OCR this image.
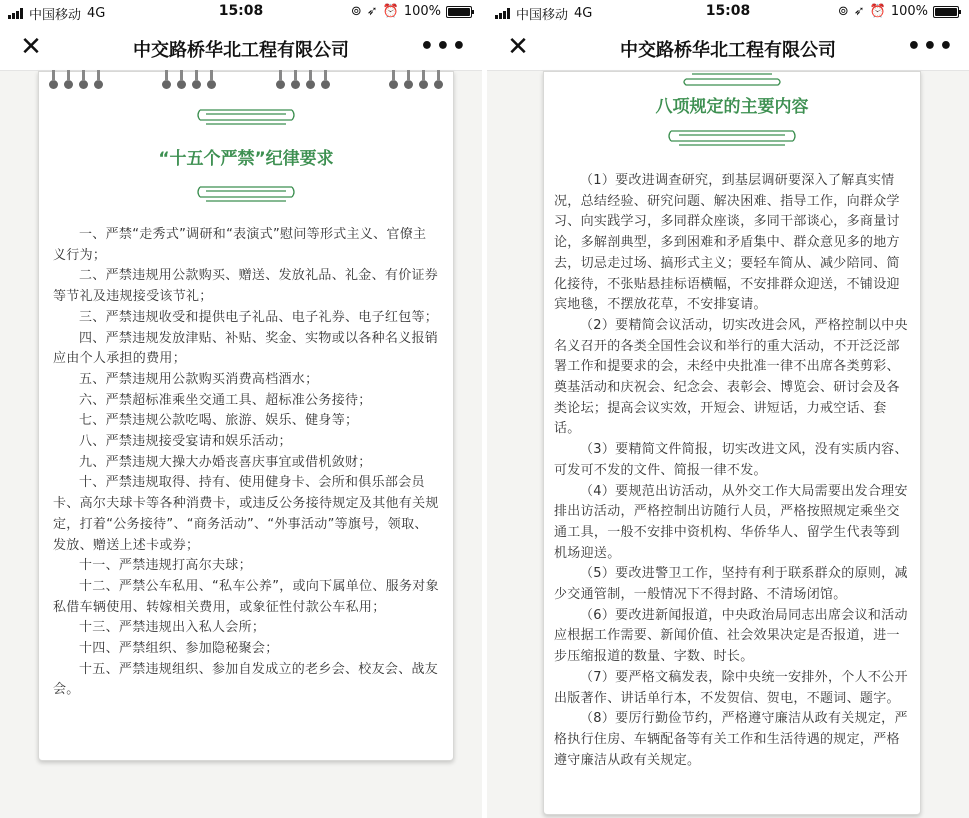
中国移动 4G	15:08	⊚ ➶ ⏰ 100%
✕	中交路桥华北工程有限公司	•••

“十五个严禁”纪律要求

一、严禁“走秀式”调研和“表演式”慰问等形式主义、官僚主义行为；

二、严禁违规用公款购买、赠送、发放礼品、礼金、有价证券等节礼及违规接受该节礼；

三、严禁违规收受和提供电子礼品、电子礼券、电子红包等；

四、严禁违规发放津贴、补贴、奖金、实物或以各种名义报销应由个人承担的费用；

五、严禁违规用公款购买消费高档酒水；

六、严禁超标准乘坐交通工具、超标准公务接待；

七、严禁违规公款吃喝、旅游、娱乐、健身等；

八、严禁违规接受宴请和娱乐活动；

九、严禁违规大操大办婚丧喜庆事宜或借机敛财；

十、严禁违规取得、持有、使用健身卡、会所和俱乐部会员卡、高尔夫球卡等各种消费卡，或违反公务接待规定及其他有关规定，打着“公务接待”、“商务活动”、“外事活动”等旗号，领取、发放、赠送上述卡或券；

十一、严禁违规打高尔夫球；

十二、严禁公车私用、“私车公养”，或向下属单位、服务对象私借车辆使用、转嫁相关费用，或象征性付款公车私用；

十三、严禁违规出入私人会所；

十四、严禁组织、参加隐秘聚会；

十五、严禁违规组织、参加自发成立的老乡会、校友会、战友会。

中国移动 4G	15:08	⊚ ➶ ⏰ 100%
✕	中交路桥华北工程有限公司	•••

八项规定的主要内容

（1）要改进调查研究，到基层调研要深入了解真实情况，总结经验、研究问题、解决困难、指导工作，向群众学习、向实践学习，多同群众座谈，多同干部谈心，多商量讨论，多解剖典型，多到困难和矛盾集中、群众意见多的地方去，切忌走过场、搞形式主义；要轻车简从、减少陪同、简化接待，不张贴悬挂标语横幅，不安排群众迎送，不铺设迎宾地毯，不摆放花草，不安排宴请。

（2）要精简会议活动，切实改进会风，严格控制以中央名义召开的各类全国性会议和举行的重大活动，不开泛泛部署工作和提要求的会，未经中央批准一律不出席各类剪彩、奠基活动和庆祝会、纪念会、表彰会、博览会、研讨会及各类论坛；提高会议实效，开短会、讲短话，力戒空话、套话。

（3）要精简文件简报，切实改进文风，没有实质内容、可发可不发的文件、简报一律不发。

（4）要规范出访活动，从外交工作大局需要出发合理安排出访活动，严格控制出访随行人员，严格按照规定乘坐交通工具，一般不安排中资机构、华侨华人、留学生代表等到机场迎送。

（5）要改进警卫工作，坚持有利于联系群众的原则，减少交通管制，一般情况下不得封路、不清场闭馆。

（6）要改进新闻报道，中央政治局同志出席会议和活动应根据工作需要、新闻价值、社会效果决定是否报道，进一步压缩报道的数量、字数、时长。

（7）要严格文稿发表，除中央统一安排外，个人不公开出版著作、讲话单行本，不发贺信、贺电，不题词、题字。

（8）要厉行勤俭节约，严格遵守廉洁从政有关规定，严格执行住房、车辆配备等有关工作和生活待遇的规定，严格遵守廉洁从政有关规定。
